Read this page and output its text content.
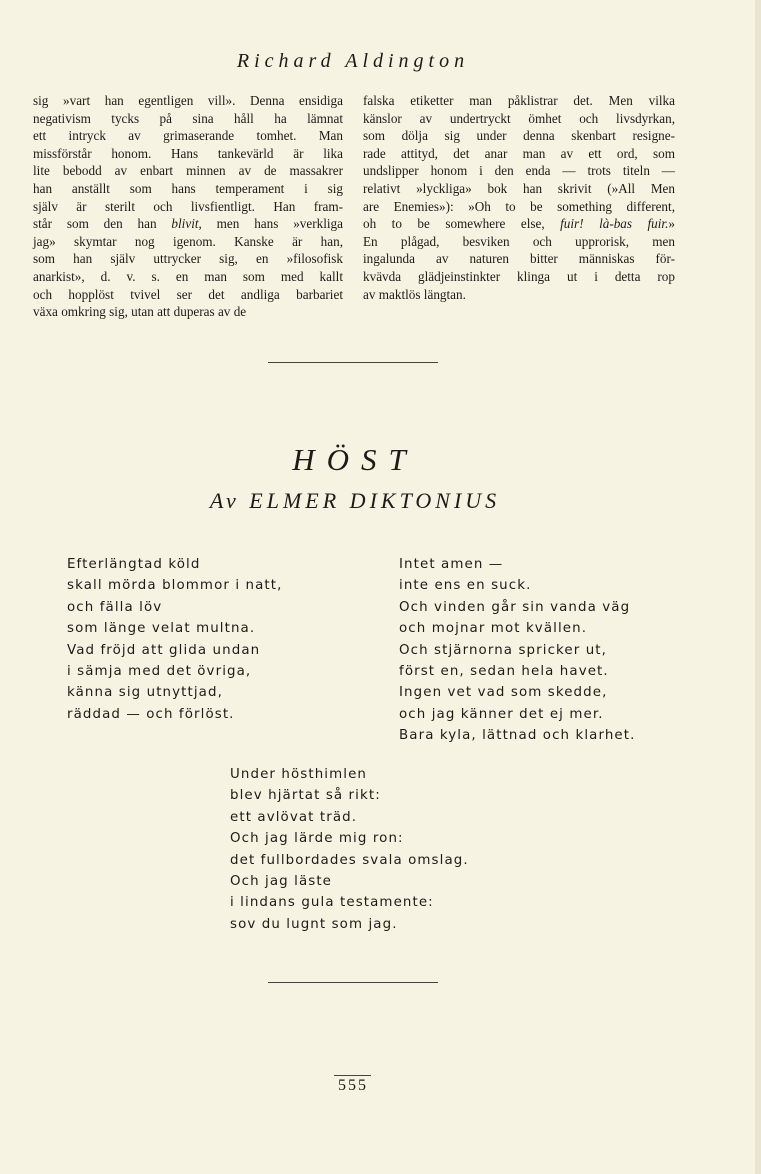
Richard Aldington
sig »vart han egentligen vill». Denna ensidiga
negativism tycks på sina håll ha lämnat
ett intryck av grimaserande tomhet. Man
missförstår honom. Hans tankevärld är lika
lite bebodd av enbart minnen av de massakrer
han anställt som hans temperament i sig
själv är sterilt och livsfientligt. Han fram-
står som den han blivit, men hans »verkliga
jag» skymtar nog igenom. Kanske är han,
som han själv uttrycker sig, en »filosofisk
anarkist», d. v. s. en man som med kallt
och hopplöst tvivel ser det andliga barbariet
växa omkring sig, utan att duperas av de
falska etiketter man påklistrar det. Men vilka
känslor av undertryckt ömhet och livsdyrkan,
som dölja sig under denna skenbart resigne-
rade attityd, det anar man av ett ord, som
undslipper honom i den enda — trots titeln —
relativt »lyckliga» bok han skrivit (»All Men
are Enemies»): »Oh to be something different,
oh to be somewhere else, fuir! là-bas fuir.»
En plågad, besviken och upprorisk, men
ingalunda av naturen bitter människas för-
kvävda glädjeinstinkter klinga ut i detta rop
av maktlös längtan.
HÖST
Av ELMER DIKTONIUS
Efterlängtad köld
skall mörda blommor i natt,
och fälla löv
som länge velat multna.
Vad fröjd att glida undan
i sämja med det övriga,
känna sig utnyttjad,
räddad — och förlöst.
Intet amen —
inte ens en suck.
Och vinden går sin vanda väg
och mojnar mot kvällen.
Och stjärnorna spricker ut,
först en, sedan hela havet.
Ingen vet vad som skedde,
och jag känner det ej mer.
Bara kyla, lättnad och klarhet.
Under hösthimlen
blev hjärtat så rikt:
ett avlövat träd.
Och jag lärde mig ron:
det fullbordades svala omslag.
Och jag läste
i lindans gula testamente:
sov du lugnt som jag.
555
